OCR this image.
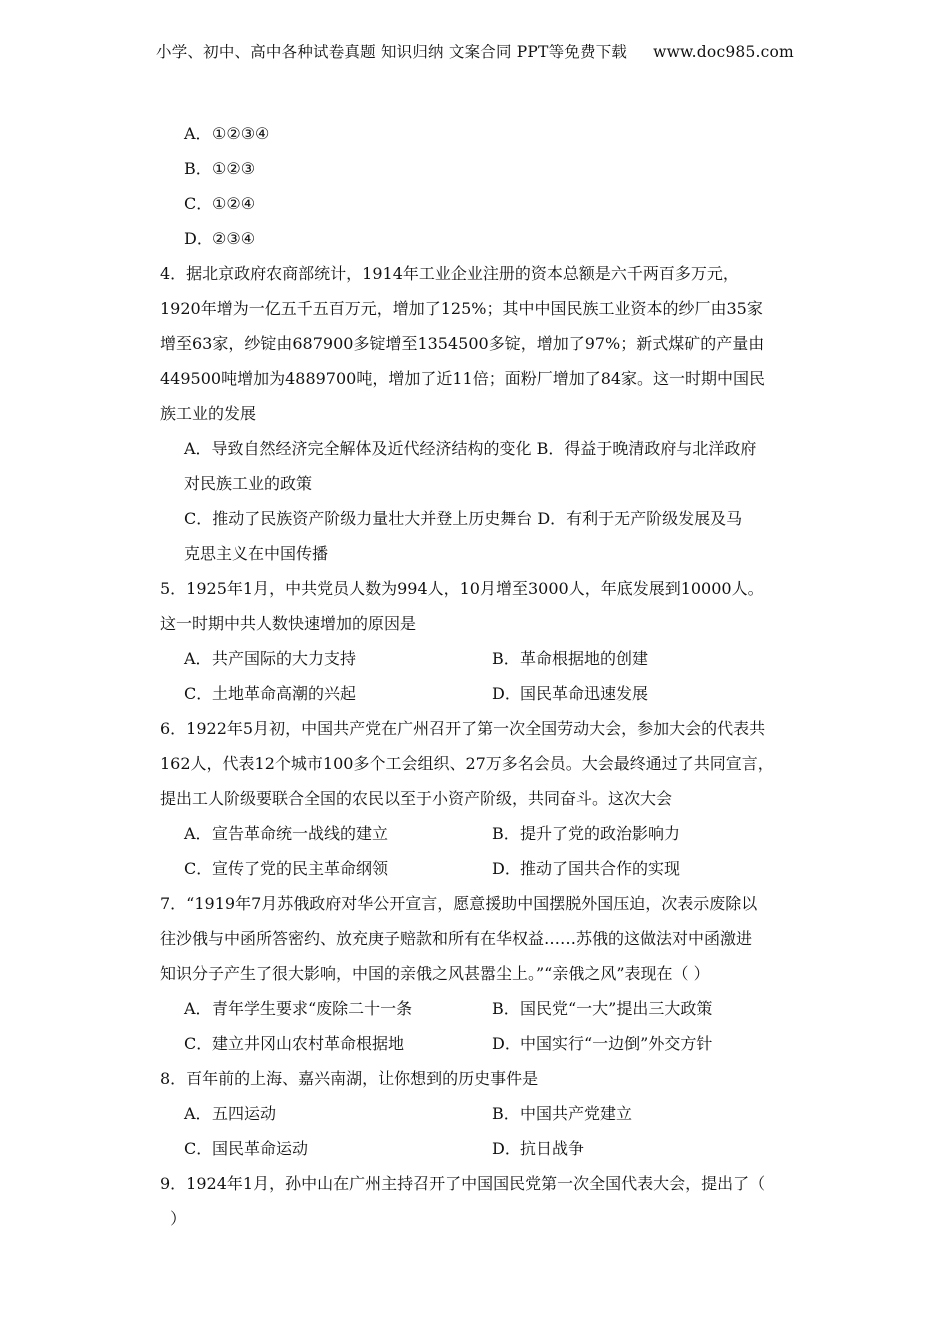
小学、初中、高中各种试卷真题 知识归纳 文案合同 PPT等免费下载 www.doc985.com
A．①②③④
B．①②③
C．①②④
D．②③④
4．据北京政府农商部统计，1914年工业企业注册的资本总额是六千两百多万元，
1920年增为一亿五千五百万元，增加了125%；其中中国民族工业资本的纱厂由35家
增至63家，纱锭由687900多锭增至1354500多锭，增加了97%；新式煤矿的产量由
449500吨增加为4889700吨，增加了近11倍；面粉厂增加了84家。这一时期中国民
族工业的发展
A．导致自然经济完全解体及近代经济结构的变化 B．得益于晚清政府与北洋政府
对民族工业的政策
C．推动了民族资产阶级力量壮大并登上历史舞台 D．有利于无产阶级发展及马
克思主义在中国传播
5．1925年1月，中共党员人数为994人，10月增至3000人，年底发展到10000人。
这一时期中共人数快速增加的原因是
A．共产国际的大力支持	B．革命根据地的创建
C．土地革命高潮的兴起	D．国民革命迅速发展
6．1922年5月初，中国共产党在广州召开了第一次全国劳动大会，参加大会的代表共
162人，代表12个城市100多个工会组织、27万多名会员。大会最终通过了共同宣言，
提出工人阶级要联合全国的农民以至于小资产阶级，共同奋斗。这次大会
A．宣告革命统一战线的建立	B．提升了党的政治影响力
C．宣传了党的民主革命纲领	D．推动了国共合作的实现
7．“1919年7月苏俄政府对华公开宣言，愿意援助中国摆脱外国压迫，次表示废除以
往沙俄与中函所答密约、放充庚子赔款和所有在华权益……苏俄的这做法对中函激进
知识分子产生了很大影响，中国的亲俄之风甚嚣尘上。”“亲俄之风”表现在（ ）
A．青年学生要求“废除二十一条	B．国民党“一大”提出三大政策
C．建立井冈山农村革命根据地	D．中国实行“一边倒”外交方针
8．百年前的上海、嘉兴南湖，让你想到的历史事件是
A．五四运动	B．中国共产党建立
C．国民革命运动	D．抗日战争
9．1924年1月，孙中山在广州主持召开了中国国民党第一次全国代表大会，提出了（
）
